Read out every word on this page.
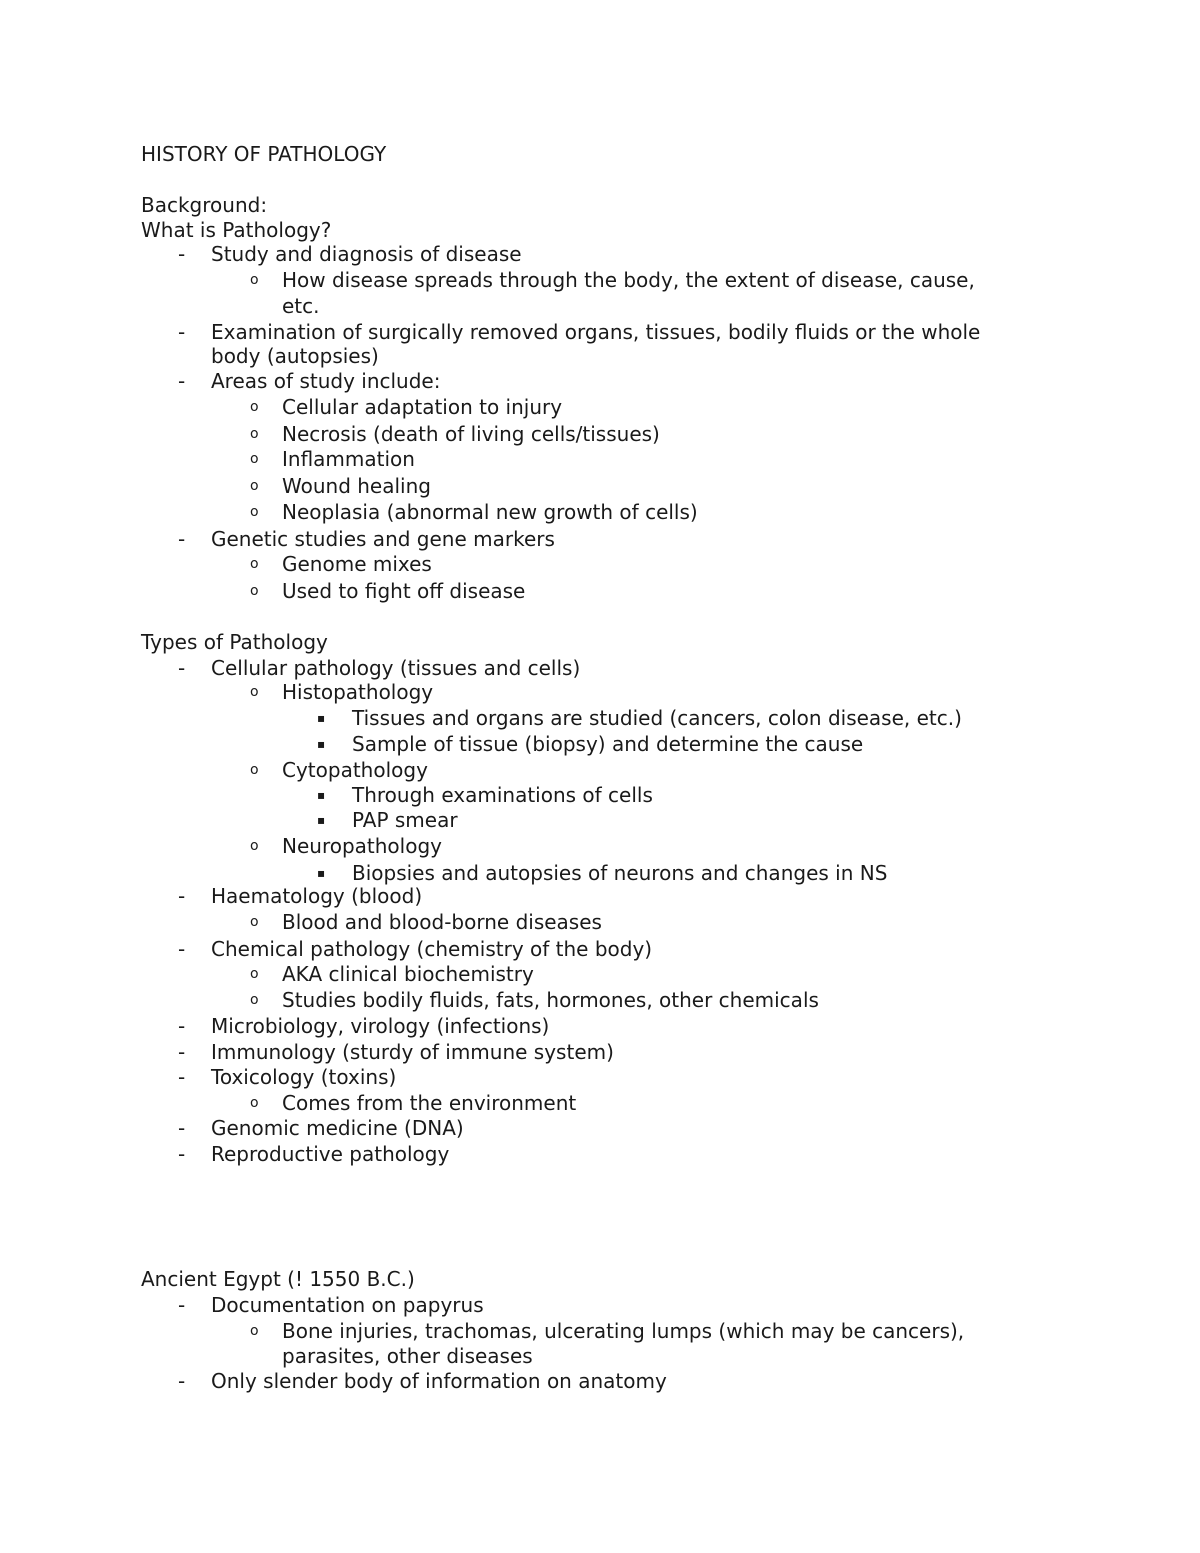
HISTORY OF PATHOLOGY
Background:
What is Pathology?
- Study and diagnosis of disease
o How disease spreads through the body, the extent of disease, cause,
etc.
- Examination of surgically removed organs, tissues, bodily fluids or the whole
body (autopsies)
- Areas of study include:
o Cellular adaptation to injury
o Necrosis (death of living cells/tissues)
o Inflammation
o Wound healing
o Neoplasia (abnormal new growth of cells)
- Genetic studies and gene markers
o Genome mixes
o Used to fight off disease
Types of Pathology
- Cellular pathology (tissues and cells)
o Histopathology
▪ Tissues and organs are studied (cancers, colon disease, etc.)
▪ Sample of tissue (biopsy) and determine the cause
o Cytopathology
▪ Through examinations of cells
▪ PAP smear
o Neuropathology
▪ Biopsies and autopsies of neurons and changes in NS
- Haematology (blood)
o Blood and blood-borne diseases
- Chemical pathology (chemistry of the body)
o AKA clinical biochemistry
o Studies bodily fluids, fats, hormones, other chemicals
- Microbiology, virology (infections)
- Immunology (sturdy of immune system)
- Toxicology (toxins)
o Comes from the environment
- Genomic medicine (DNA)
- Reproductive pathology
Ancient Egypt (! 1550 B.C.)
- Documentation on papyrus
o Bone injuries, trachomas, ulcerating lumps (which may be cancers),
parasites, other diseases
- Only slender body of information on anatomy
